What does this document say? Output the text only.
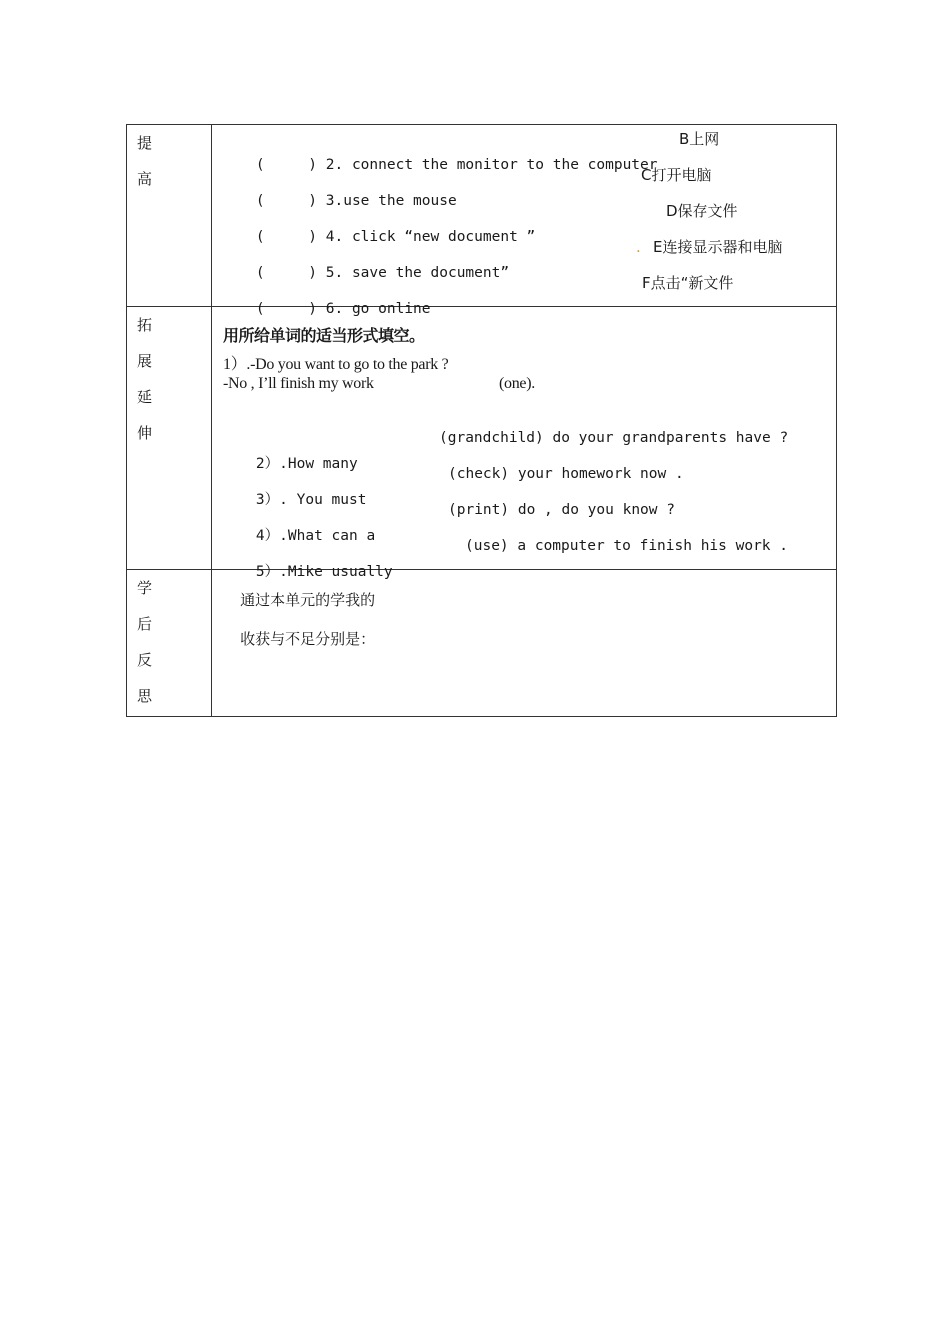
提
高

(     ) 2. connect the monitor to the computer

B上网

(     ) 3.use the mouse

C打开电脑

(     ) 4. click “new document ”

D保存文件

(     ) 5. save the document”

.

E连接显示器和电脑

(     ) 6. go online

F点击“新文件

拓
展
延
伸
用所给单词的适当形式填空。
1）.-Do you want to go to the park ?
-No , I’ll finish my work	(one).

2）.How many

(grandchild) do your grandparents have ?

3）. You must

(check) your homework now .

4）.What can a

(print) do , do you know ?

5）.Mike usually

(use) a computer to finish his work .

学
后
反
思

通过本单元的学我的

收获与不足分别是：
